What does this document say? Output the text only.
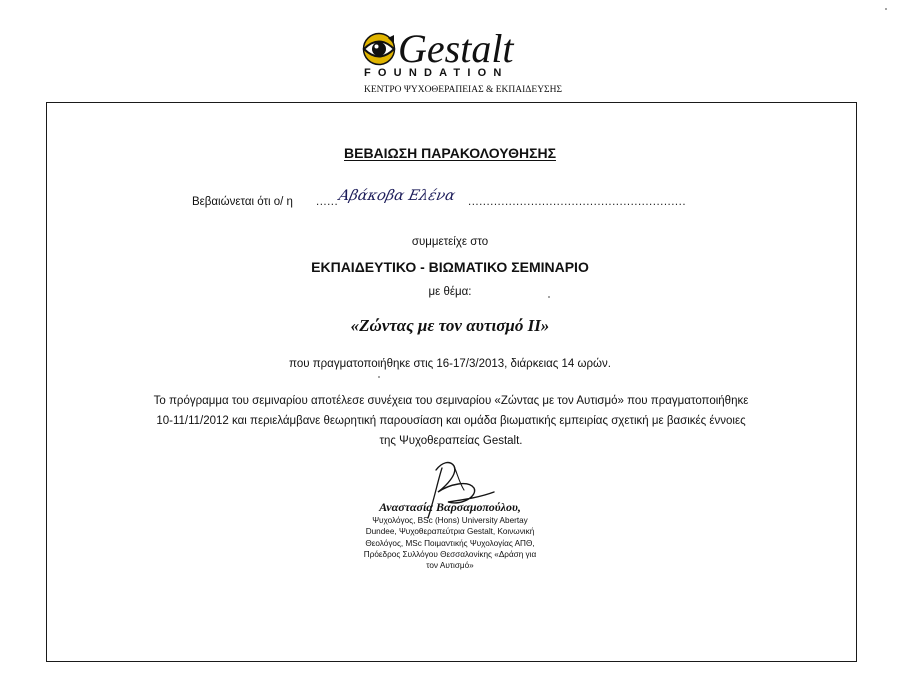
Gestalt
FOUNDATION
ΚΕΝΤΡΟ ΨΥΧΟΘΕΡΑΠΕΙΑΣ & ΕΚΠΑΙΔΕΥΣΗΣ
ΒΕΒΑΙΩΣΗ ΠΑΡΑΚΟΛΟΥΘΗΣΗΣ
Βεβαιώνεται ότι ο/ η ...... Αβάκοβα Ελένα ...........................................................
συμμετείχε στο
ΕΚΠΑΙΔΕΥΤΙΚΟ - ΒΙΩΜΑΤΙΚΟ ΣΕΜΙΝΑΡΙΟ
με θέμα:
«Ζώντας με τον αυτισμό ΙΙ»
που πραγματοποιήθηκε στις 16-17/3/2013, διάρκειας 14 ωρών.
Το πρόγραμμα του σεμιναρίου αποτέλεσε συνέχεια του σεμιναρίου «Ζώντας με τον Αυτισμό» που πραγματοποιήθηκε
10-11/11/2012 και περιελάμβανε θεωρητική παρουσίαση και ομάδα βιωματικής εμπειρίας σχετική με βασικές έννοιες
της Ψυχοθεραπείας Gestalt.
Αναστασία Βαρσαμοπούλου,
Ψυχολόγος, BSc (Hons) University Abertay
Dundee, Ψυχοθεραπεύτρια Gestalt, Κοινωνική
Θεολόγος, MSc Ποιμαντικής Ψυχολογίας ΑΠΘ,
Πρόεδρος Συλλόγου Θεσσαλονίκης «Δράση για
τον Αυτισμό»
